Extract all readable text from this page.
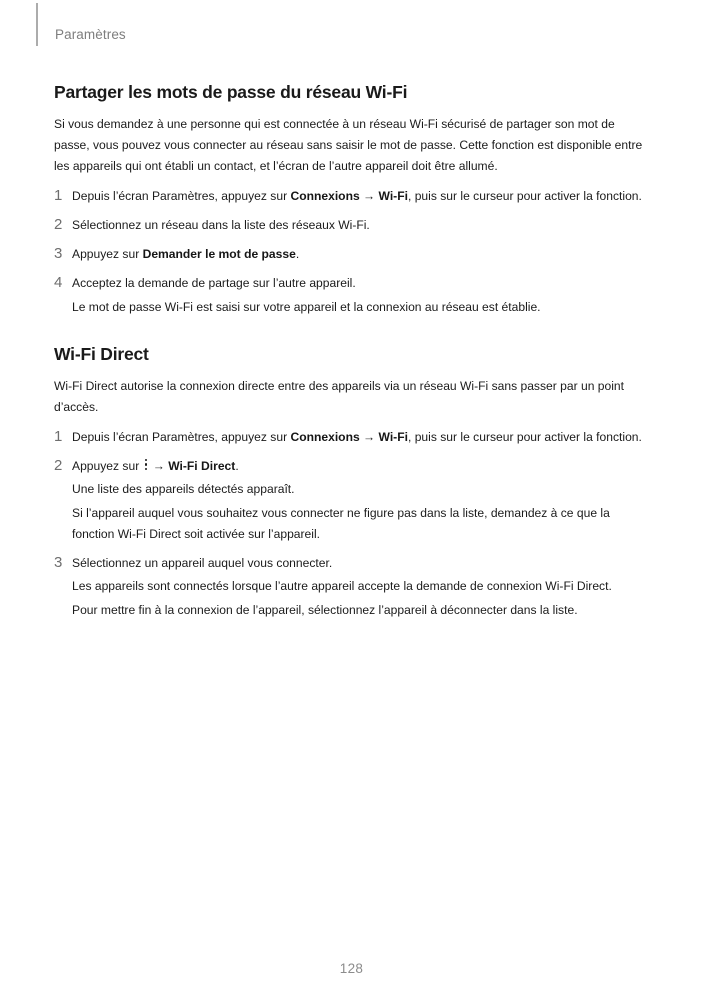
Paramètres
Partager les mots de passe du réseau Wi-Fi

Si vous demandez à une personne qui est connectée à un réseau Wi-Fi sécurisé de partager son mot de passe, vous pouvez vous connecter au réseau sans saisir le mot de passe. Cette fonction est disponible entre les appareils qui ont établi un contact, et l’écran de l’autre appareil doit être allumé.

1 Depuis l’écran Paramètres, appuyez sur Connexions → Wi-Fi, puis sur le curseur pour activer la fonction.

2 Sélectionnez un réseau dans la liste des réseaux Wi-Fi.

3 Appuyez sur Demander le mot de passe.

4 Acceptez la demande de partage sur l’autre appareil.

Le mot de passe Wi-Fi est saisi sur votre appareil et la connexion au réseau est établie.

Wi-Fi Direct

Wi-Fi Direct autorise la connexion directe entre des appareils via un réseau Wi-Fi sans passer par un point d’accès.

1 Depuis l’écran Paramètres, appuyez sur Connexions → Wi-Fi, puis sur le curseur pour activer la fonction.

2 Appuyez sur
→ Wi-Fi Direct.

Une liste des appareils détectés apparaît.

Si l’appareil auquel vous souhaitez vous connecter ne figure pas dans la liste, demandez à ce que la fonction Wi-Fi Direct soit activée sur l’appareil.

3 Sélectionnez un appareil auquel vous connecter.

Les appareils sont connectés lorsque l’autre appareil accepte la demande de connexion Wi-Fi Direct.

Pour mettre fin à la connexion de l’appareil, sélectionnez l’appareil à déconnecter dans la liste.

128
